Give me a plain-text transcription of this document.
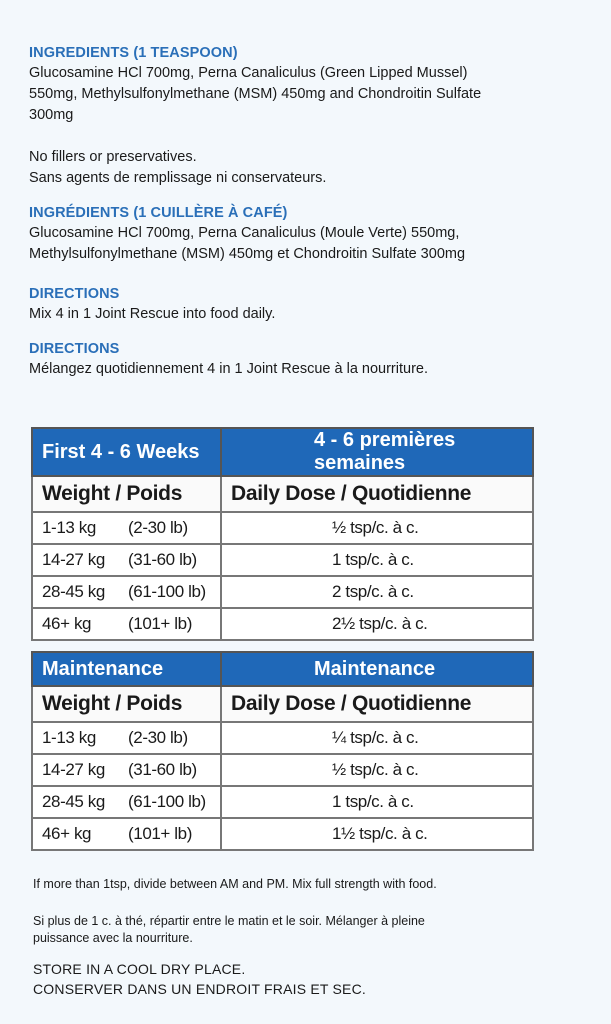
INGREDIENTS (1 TEASPOON)

Glucosamine HCl 700mg, Perna Canaliculus (Green Lipped Mussel)

550mg, Methylsulfonylmethane (MSM) 450mg and Chondroitin Sulfate

300mg

No fillers or preservatives.

Sans agents de remplissage ni conservateurs.

INGRÉDIENTS (1 CUILLÈRE À CAFÉ)

Glucosamine HCl 700mg, Perna Canaliculus (Moule Verte) 550mg,

Methylsulfonylmethane (MSM) 450mg et Chondroitin Sulfate 300mg

DIRECTIONS

Mix 4 in 1 Joint Rescue into food daily.

DIRECTIONS

Mélangez quotidiennement 4 in 1 Joint Rescue à la nourriture.

First 4 - 6 Weeks	4 - 6 premières semaines
Weight / Poids	Daily Dose / Quotidienne
1-13 kg (2-30 lb)	½ tsp/c. à c.
14-27 kg (31-60 lb)	1 tsp/c. à c.
28-45 kg (61-100 lb)	2 tsp/c. à c.
46+ kg (101+ lb)	2½ tsp/c. à c.
Maintenance	Maintenance
Weight / Poids	Daily Dose / Quotidienne
1-13 kg (2-30 lb)	¼ tsp/c. à c.
14-27 kg (31-60 lb)	½ tsp/c. à c.
28-45 kg (61-100 lb)	1 tsp/c. à c.
46+ kg (101+ lb)	1½ tsp/c. à c.
If more than 1tsp, divide between AM and PM. Mix full strength with food.
Si plus de 1 c. à thé, répartir entre le matin et le soir. Mélanger à pleine
puissance avec la nourriture.
STORE IN A COOL DRY PLACE.
CONSERVER DANS UN ENDROIT FRAIS ET SEC.
